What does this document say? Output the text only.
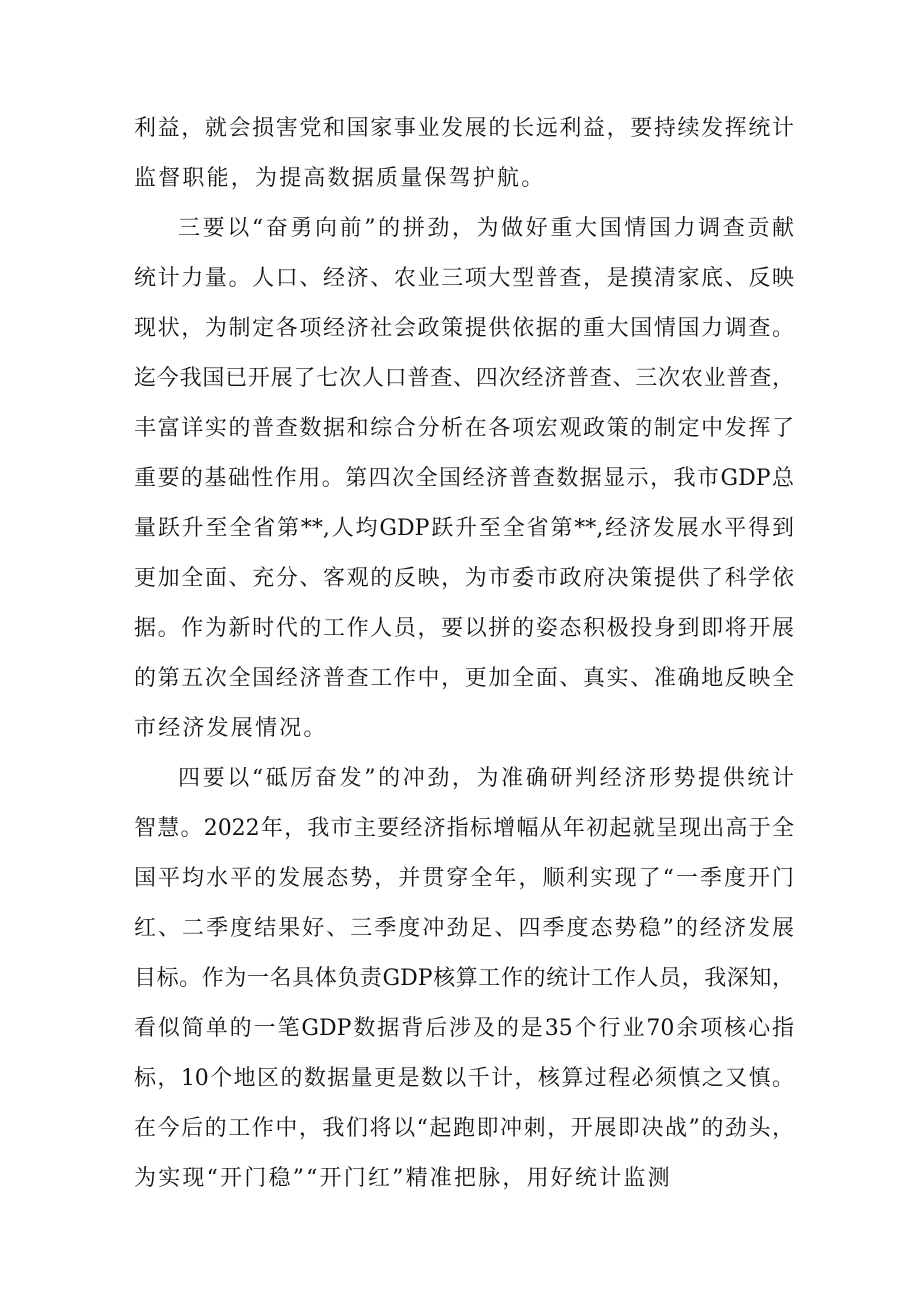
利益，就会损害党和国家事业发展的长远利益，要持续发挥统计
监督职能，为提高数据质量保驾护航。
三要以“奋勇向前”的拼劲，为做好重大国情国力调查贡献
统计力量。人口、经济、农业三项大型普查，是摸清家底、反映
现状，为制定各项经济社会政策提供依据的重大国情国力调查。
迄今我国已开展了七次人口普查、四次经济普查、三次农业普查，
丰富详实的普查数据和综合分析在各项宏观政策的制定中发挥了
重要的基础性作用。第四次全国经济普查数据显示，我市GDP总
量跃升至全省第**,人均GDP跃升至全省第**,经济发展水平得到
更加全面、充分、客观的反映，为市委市政府决策提供了科学依
据。作为新时代的工作人员，要以拼的姿态积极投身到即将开展
的第五次全国经济普查工作中，更加全面、真实、准确地反映全
市经济发展情况。
四要以“砥厉奋发”的冲劲，为准确研判经济形势提供统计
智慧。2022年，我市主要经济指标增幅从年初起就呈现出高于全
国平均水平的发展态势，并贯穿全年，顺利实现了“一季度开门
红、二季度结果好、三季度冲劲足、四季度态势稳”的经济发展
目标。作为一名具体负责GDP核算工作的统计工作人员，我深知，
看似简单的一笔GDP数据背后涉及的是35个行业70余项核心指
标，10个地区的数据量更是数以千计，核算过程必须慎之又慎。
在今后的工作中，我们将以“起跑即冲刺，开展即决战”的劲头，
为实现“开门稳”“开门红”精准把脉，用好统计监测
